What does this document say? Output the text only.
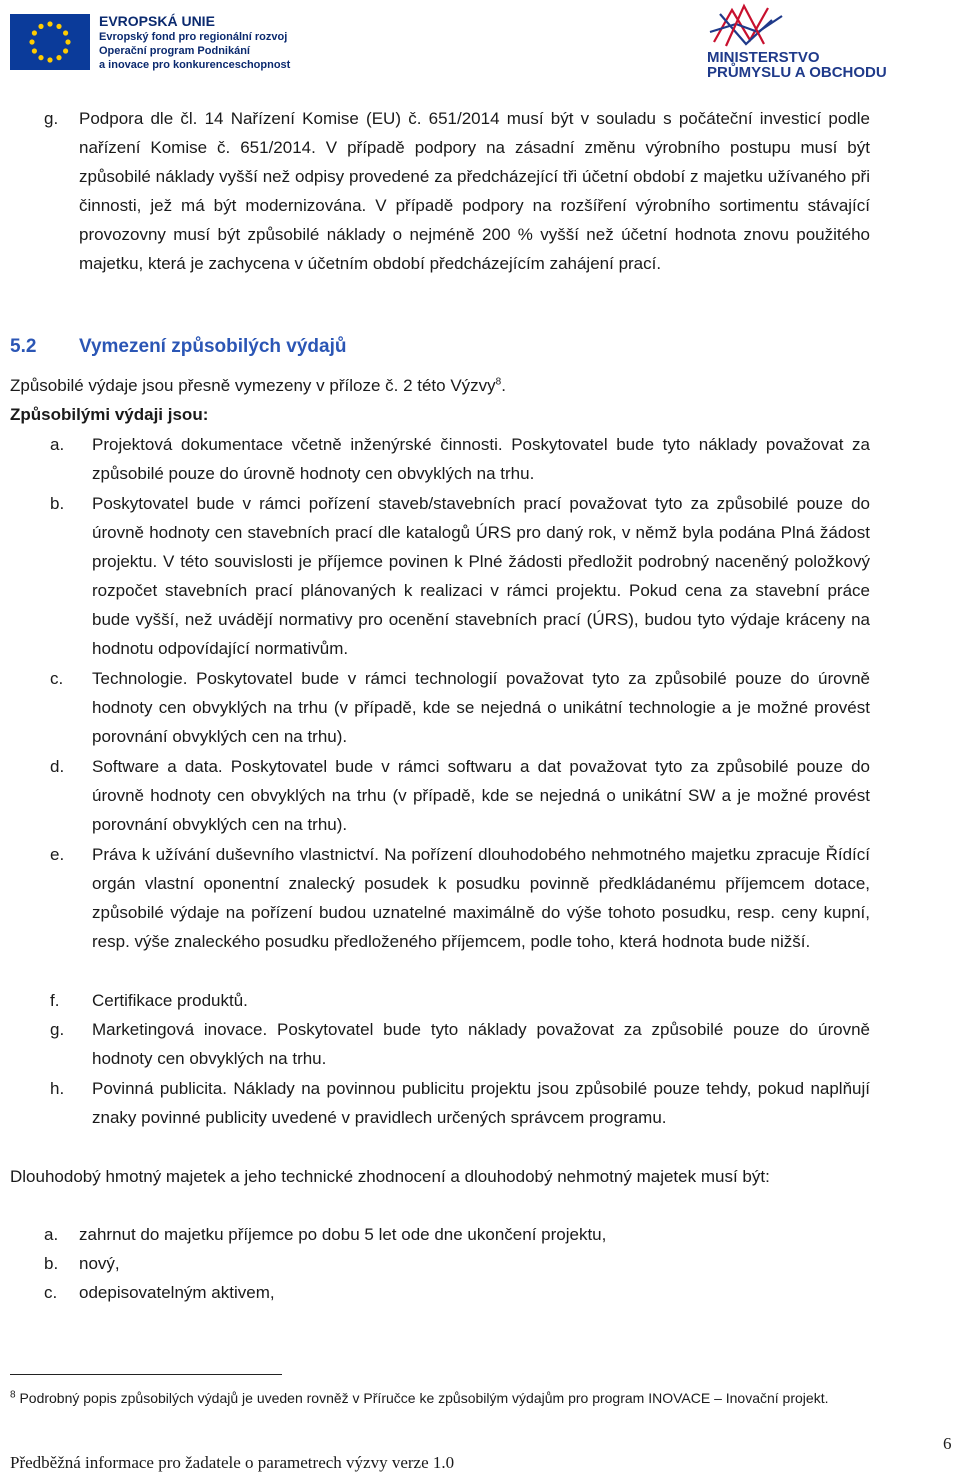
EVROPSKÁ UNIE
Evropský fond pro regionální rozvoj
Operační program Podnikání
a inovace pro konkurenceschopnost	MINISTERSTVO
PRŮMYSLU A OBCHODU
g. Podpora dle čl. 14 Nařízení Komise (EU) č. 651/2014 musí být v souladu s počáteční investicí podle nařízení Komise č. 651/2014. V případě podpory na zásadní změnu výrobního postupu musí být způsobilé náklady vyšší než odpisy provedené za předcházející tři účetní období z majetku užívaného při činnosti, jež má být modernizována. V případě podpory na rozšíření výrobního sortimentu stávající provozovny musí být způsobilé náklady o nejméně 200 % vyšší než účetní hodnota znovu použitého majetku, která je zachycena v účetním období předcházejícím zahájení prací.

5.2 Vymezení způsobilých výdajů

Způsobilé výdaje jsou přesně vymezeny v příloze č. 2 této Výzvy$^8$.

Způsobilými výdaji jsou:
a. Projektová dokumentace včetně inženýrské činnosti. Poskytovatel bude tyto náklady považovat za způsobilé pouze do úrovně hodnoty cen obvyklých na trhu.

b. Poskytovatel bude v rámci pořízení staveb/stavebních prací považovat tyto za způsobilé pouze do úrovně hodnoty cen stavebních prací dle katalogů ÚRS pro daný rok, v němž byla podána Plná žádost projektu. V této souvislosti je příjemce povinen k Plné žádosti předložit podrobný naceněný položkový rozpočet stavebních prací plánovaných k realizaci v rámci projektu. Pokud cena za stavební práce bude vyšší, než uvádějí normativy pro ocenění stavebních prací (ÚRS), budou tyto výdaje kráceny na hodnotu odpovídající normativům.

c. Technologie. Poskytovatel bude v rámci technologií považovat tyto za způsobilé pouze do úrovně hodnoty cen obvyklých na trhu (v případě, kde se nejedná o unikátní technologie a je možné provést porovnání obvyklých cen na trhu).

d. Software a data. Poskytovatel bude v rámci softwaru a dat považovat tyto za způsobilé pouze do úrovně hodnoty cen obvyklých na trhu (v případě, kde se nejedná o unikátní SW a je možné provést porovnání obvyklých cen na trhu).

e. Práva k užívání duševního vlastnictví. Na pořízení dlouhodobého nehmotného majetku zpracuje Řídící orgán vlastní oponentní znalecký posudek k posudku povinně předkládanému příjemcem dotace, způsobilé výdaje na pořízení budou uznatelné maximálně do výše tohoto posudku, resp. ceny kupní, resp. výše znaleckého posudku předloženého příjemcem, podle toho, která hodnota bude nižší.

f. Certifikace produktů.

g. Marketingová inovace. Poskytovatel bude tyto náklady považovat za způsobilé pouze do úrovně hodnoty cen obvyklých na trhu.

h. Povinná publicita. Náklady na povinnou publicitu projektu jsou způsobilé pouze tehdy, pokud naplňují znaky povinné publicity uvedené v pravidlech určených správcem programu.

Dlouhodobý hmotný majetek a jeho technické zhodnocení a dlouhodobý nehmotný majetek musí být:

a. zahrnut do majetku příjemce po dobu 5 let ode dne ukončení projektu,

b. nový,

c. odepisovatelným aktivem,

$^8$ Podrobný popis způsobilých výdajů je uveden rovněž v Příručce ke způsobilým výdajům pro program INOVACE – Inovační projekt.
Předběžná informace pro žadatele o parametrech výzvy verze 1.0
6
